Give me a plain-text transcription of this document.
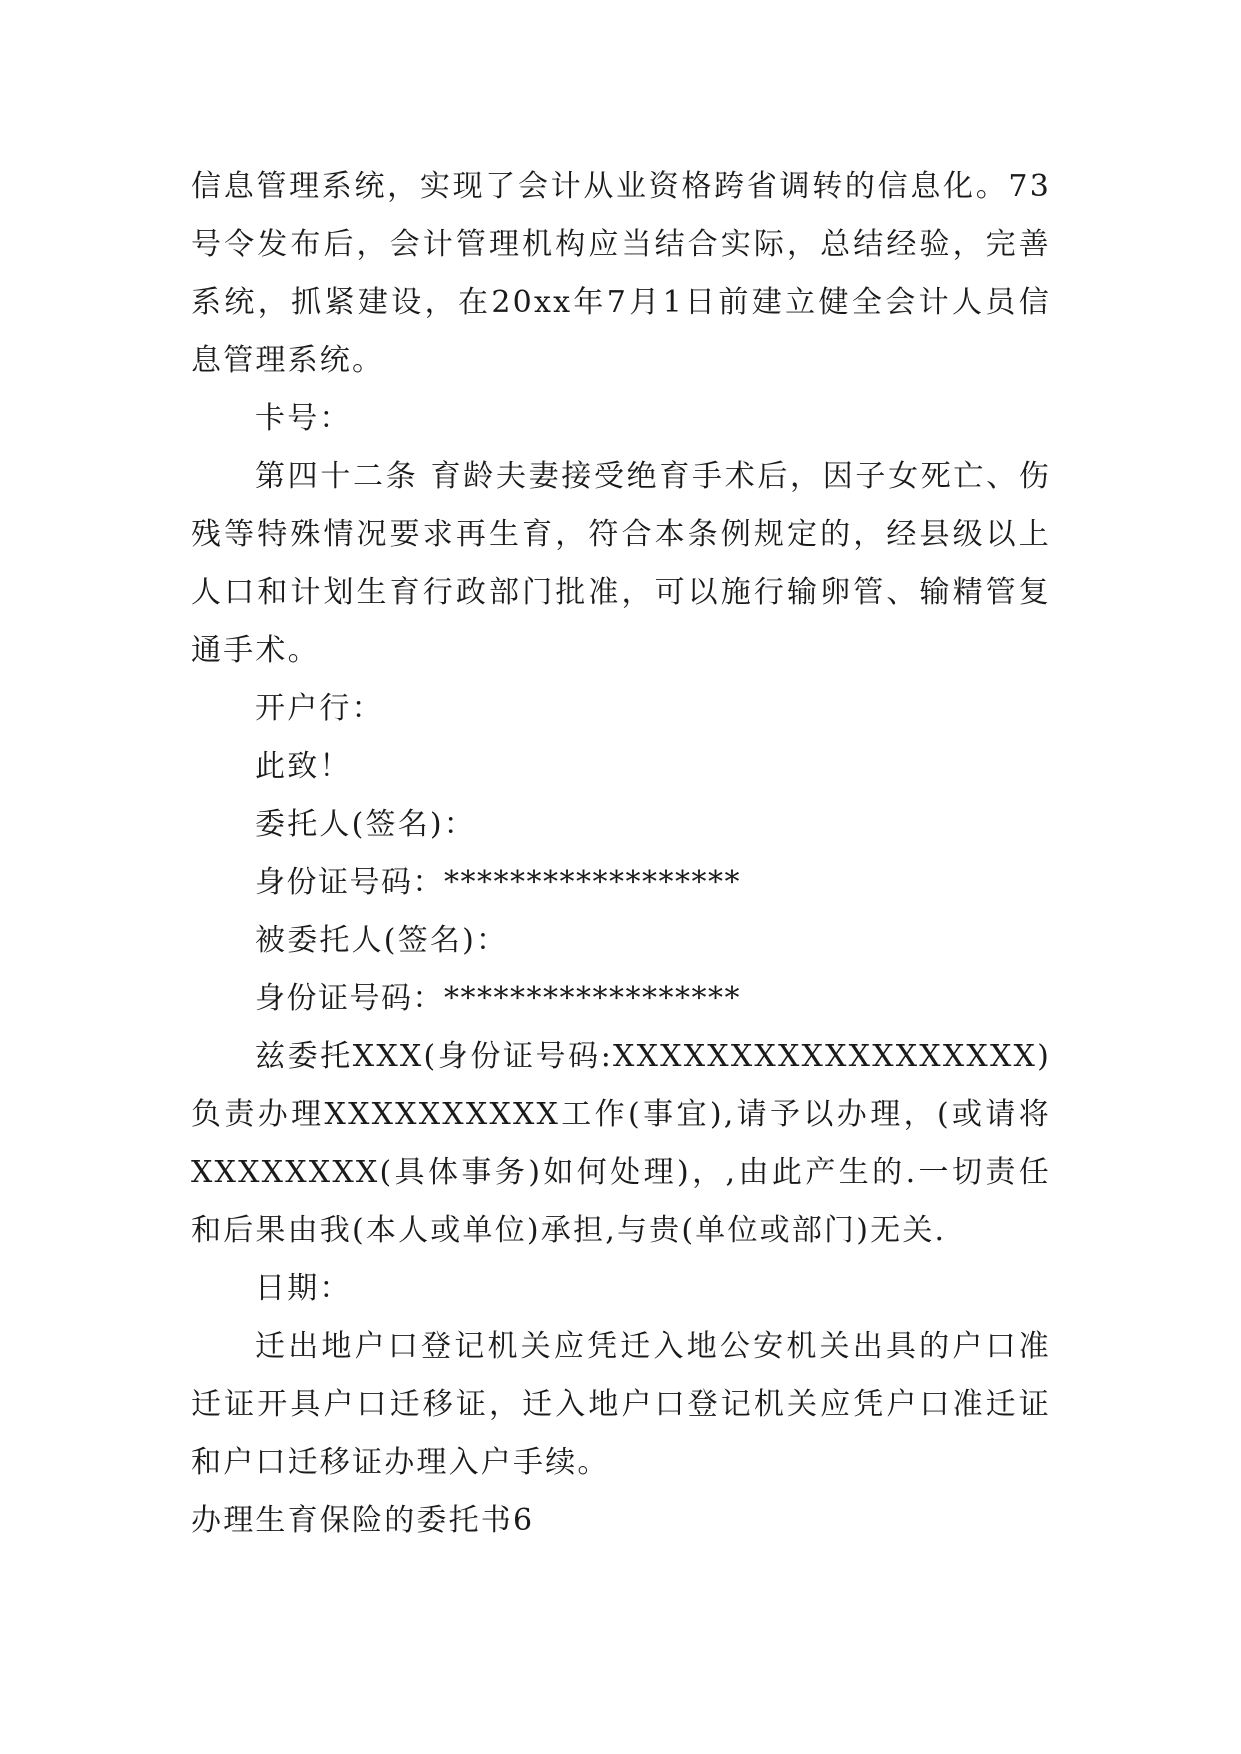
信息管理系统，实现了会计从业资格跨省调转的信息化。73号令发布后，会计管理机构应当结合实际，总结经验，完善系统，抓紧建设，在20xx年7月1日前建立健全会计人员信息管理系统。

卡号：

第四十二条 育龄夫妻接受绝育手术后，因子女死亡、伤残等特殊情况要求再生育，符合本条例规定的，经县级以上人口和计划生育行政部门批准，可以施行输卵管、输精管复通手术。

开户行：

此致！

委托人(签名)：

身份证号码：******************

被委托人(签名)：

身份证号码：******************

兹委托XXX(身份证号码:XXXXXXXXXXXXXXXXXX)负责办理XXXXXXXXXX工作(事宜),请予以办理，(或请将XXXXXXXX(具体事务)如何处理)，,由此产生的.一切责任和后果由我(本人或单位)承担,与贵(单位或部门)无关.

日期：

迁出地户口登记机关应凭迁入地公安机关出具的户口准迁证开具户口迁移证，迁入地户口登记机关应凭户口准迁证和户口迁移证办理入户手续。

办理生育保险的委托书6
